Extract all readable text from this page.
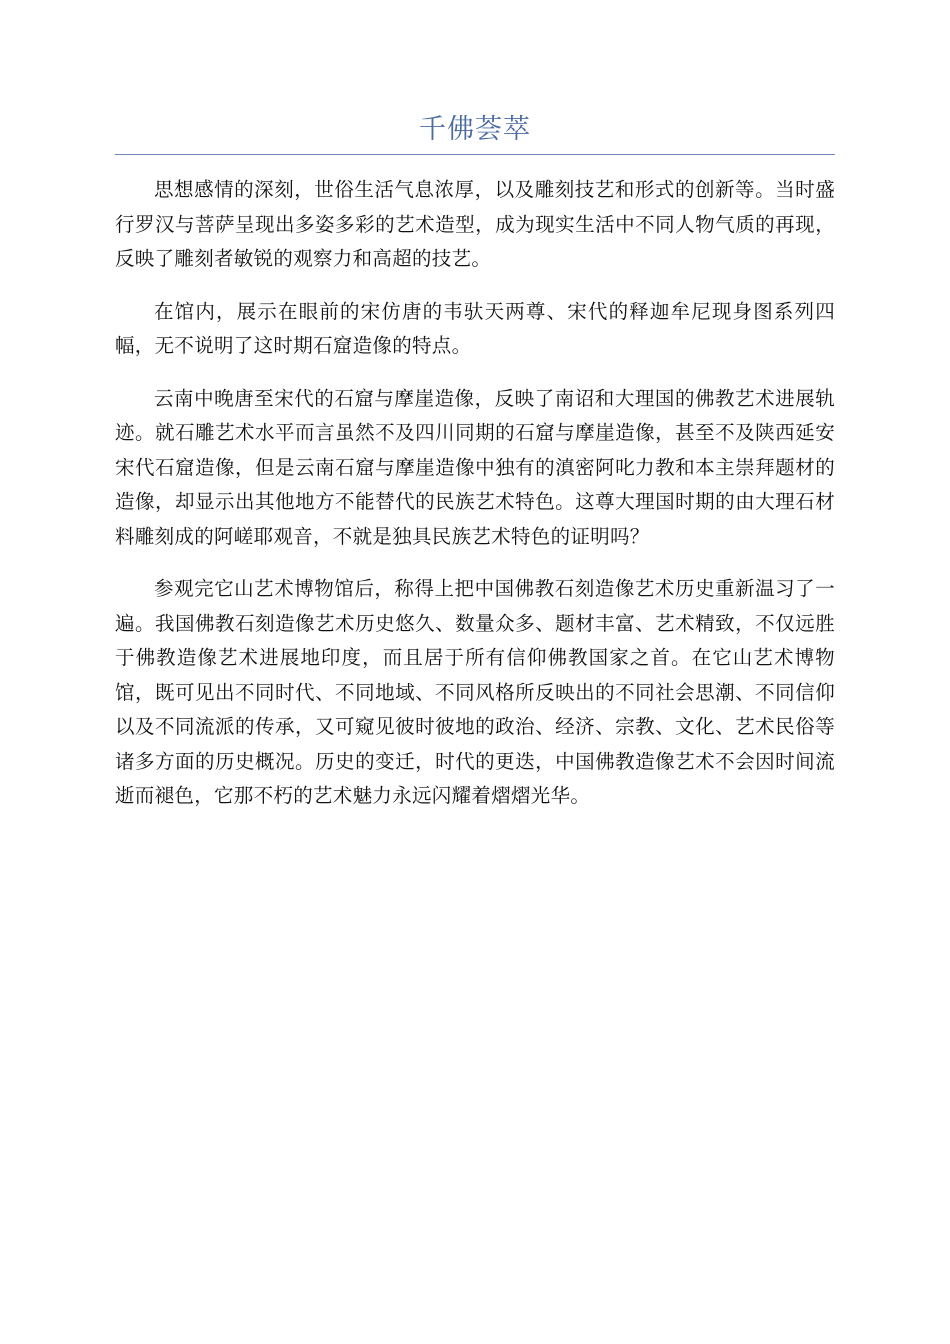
千佛荟萃

思想感情的深刻，世俗生活气息浓厚，以及雕刻技艺和形式的创新等。当时盛行罗汉与菩萨呈现出多姿多彩的艺术造型，成为现实生活中不同人物气质的再现，反映了雕刻者敏锐的观察力和高超的技艺。

在馆内，展示在眼前的宋仿唐的韦驮天两尊、宋代的释迦牟尼现身图系列四幅，无不说明了这时期石窟造像的特点。

云南中晚唐至宋代的石窟与摩崖造像，反映了南诏和大理国的佛教艺术进展轨迹。就石雕艺术水平而言虽然不及四川同期的石窟与摩崖造像，甚至不及陕西延安宋代石窟造像，但是云南石窟与摩崖造像中独有的滇密阿叱力教和本主崇拜题材的造像，却显示出其他地方不能替代的民族艺术特色。这尊大理国时期的由大理石材料雕刻成的阿嵯耶观音，不就是独具民族艺术特色的证明吗？

参观完它山艺术博物馆后，称得上把中国佛教石刻造像艺术历史重新温习了一遍。我国佛教石刻造像艺术历史悠久、数量众多、题材丰富、艺术精致，不仅远胜于佛教造像艺术进展地印度，而且居于所有信仰佛教国家之首。在它山艺术博物馆，既可见出不同时代、不同地域、不同风格所反映出的不同社会思潮、不同信仰以及不同流派的传承，又可窥见彼时彼地的政治、经济、宗教、文化、艺术民俗等诸多方面的历史概况。历史的变迁，时代的更迭，中国佛教造像艺术不会因时间流逝而褪色，它那不朽的艺术魅力永远闪耀着熠熠光华。
